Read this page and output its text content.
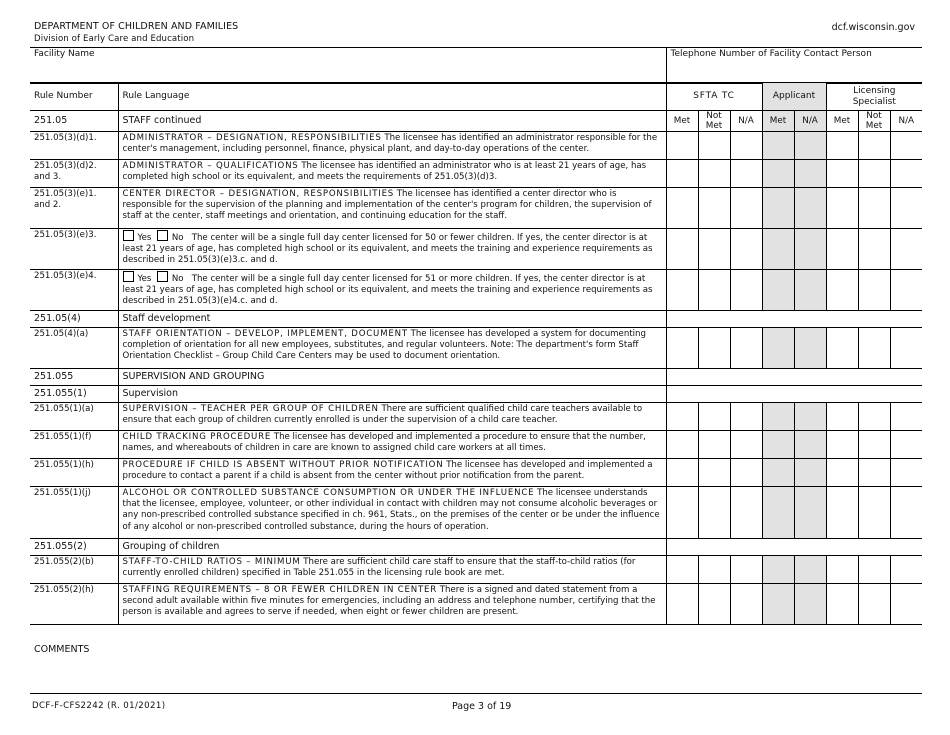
DEPARTMENT OF CHILDREN AND FAMILIES
Division of Early Care and Education
dcf.wisconsin.gov
Facility Name	Telephone Number of Facility Contact Person
Rule Number	Rule Language	SFTA TC			Applicant		Licensing Specialist		
251.05	STAFF continued	Met	Not Met	N/A	Met	N/A	Met	Not Met	N/A
251.05(3)(d)1.	ADMINISTRATOR – DESIGNATION, RESPONSIBILITIES The licensee has identified an administrator responsible for the center's management, including personnel, finance, physical plant, and day-to-day operations of the center.								
251.05(3)(d)2. and 3.	ADMINISTRATOR – QUALIFICATIONS The licensee has identified an administrator who is at least 21 years of age, has completed high school or its equivalent, and meets the requirements of 251.05(3)(d)3.								
251.05(3)(e)1. and 2.	CENTER DIRECTOR – DESIGNATION, RESPONSIBILITIES The licensee has identified a center director who is responsible for the supervision of the planning and implementation of the center's program for children, the supervision of staff at the center, staff meetings and orientation, and continuing education for the staff.								
251.05(3)(e)3.	Yes No The center will be a single full day center licensed for 50 or fewer children. If yes, the center director is at least 21 years of age, has completed high school or its equivalent, and meets the training and experience requirements as described in 251.05(3)(e)3.c. and d.								
251.05(3)(e)4.	Yes No The center will be a single full day center licensed for 51 or more children. If yes, the center director is at least 21 years of age, has completed high school or its equivalent, and meets the training and experience requirements as described in 251.05(3)(e)4.c. and d.								
251.05(4)	Staff development								
251.05(4)(a)	STAFF ORIENTATION – DEVELOP, IMPLEMENT, DOCUMENT The licensee has developed a system for documenting completion of orientation for all new employees, substitutes, and regular volunteers. Note: The department's form Staff Orientation Checklist – Group Child Care Centers may be used to document orientation.								
251.055	SUPERVISION AND GROUPING								
251.055(1)	Supervision								
251.055(1)(a)	SUPERVISION – TEACHER PER GROUP OF CHILDREN There are sufficient qualified child care teachers available to ensure that each group of children currently enrolled is under the supervision of a child care teacher.								
251.055(1)(f)	CHILD TRACKING PROCEDURE The licensee has developed and implemented a procedure to ensure that the number, names, and whereabouts of children in care are known to assigned child care workers at all times.								
251.055(1)(h)	PROCEDURE IF CHILD IS ABSENT WITHOUT PRIOR NOTIFICATION The licensee has developed and implemented a procedure to contact a parent if a child is absent from the center without prior notification from the parent.								
251.055(1)(j)	ALCOHOL OR CONTROLLED SUBSTANCE CONSUMPTION OR UNDER THE INFLUENCE The licensee understands that the licensee, employee, volunteer, or other individual in contact with children may not consume alcoholic beverages or any non-prescribed controlled substance specified in ch. 961, Stats., on the premises of the center or be under the influence of any alcohol or non-prescribed controlled substance, during the hours of operation.								
251.055(2)	Grouping of children								
251.055(2)(b)	STAFF-TO-CHILD RATIOS – MINIMUM There are sufficient child care staff to ensure that the staff-to-child ratios (for currently enrolled children) specified in Table 251.055 in the licensing rule book are met.								
251.055(2)(h)	STAFFING REQUIREMENTS – 8 OR FEWER CHILDREN IN CENTER There is a signed and dated statement from a second adult available within five minutes for emergencies, including an address and telephone number, certifying that the person is available and agrees to serve if needed, when eight or fewer children are present.								
COMMENTS
DCF-F-CFS2242 (R. 01/2021)	Page 3 of 19
